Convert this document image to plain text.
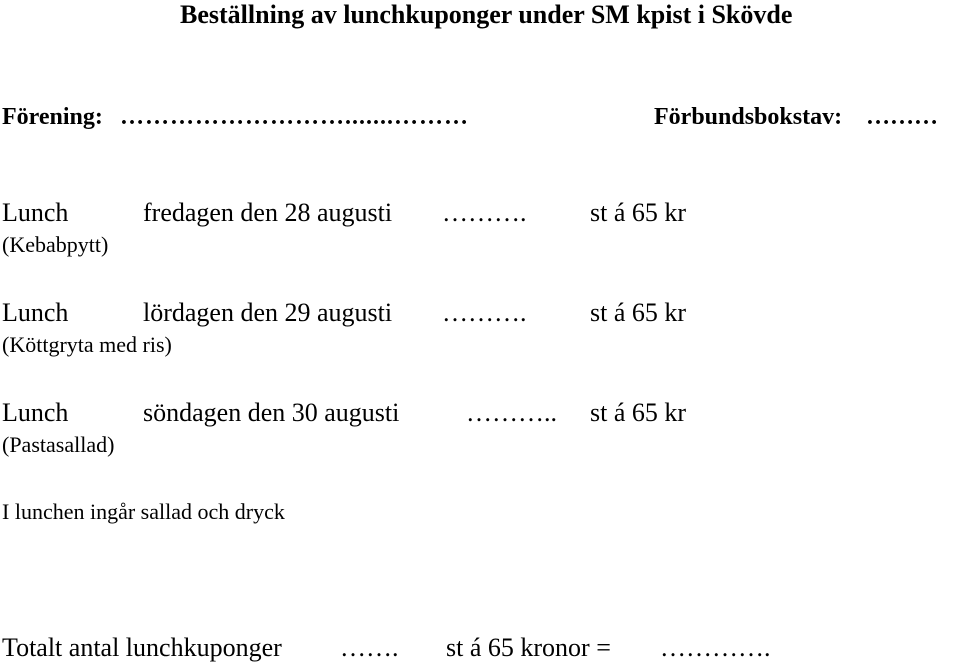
Beställning av lunchkuponger under SM kpist i Skövde
Förening: ……………………….......………	Förbundsbokstav: ………
Lunch	fredagen den 28 augusti ………. st á 65 kr
(Kebabpytt)
Lunch	lördagen den 29 augusti ………. st á 65 kr
(Köttgryta med ris)
Lunch	söndagen den 30 augusti	……….. st á 65 kr
(Pastasallad)
I lunchen ingår sallad och dryck
Totalt antal lunchkuponger ……. st á 65 kronor = ………….
